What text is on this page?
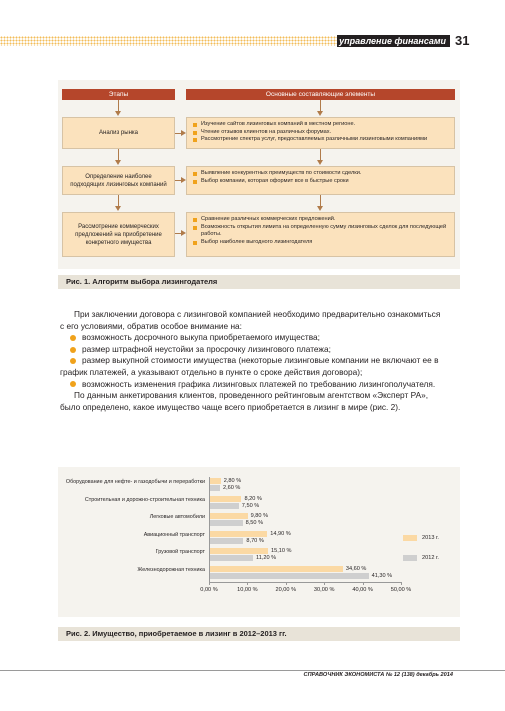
управление финансами 31
Рис. 1. Алгоритм выбора лизингодателя
Этапы	Основные составляющие элементы
Анализ рынка
Изучение сайтов лизинговых компаний в местном регионе.
Чтение отзывов клиентов на различных форумах.
Рассмотрение спектра услуг, предоставляемых различными лизинговыми компаниями
Определение наиболее подходящих лизинговых компаний
Выявление конкурентных преимуществ по стоимости сделки.
Выбор компании, которая оформит все в быстрые сроки
Рассмотрение коммерческих предложений на приобретение конкретного имущества
Сравнение различных коммерческих предложений.
Возможность открытия лимита на определенную сумму лизинговых сделок для последующей работы.
Выбор наиболее выгодного лизингодателя

При заключении договора с лизинговой компанией необходимо предварительно ознакомиться с его условиями, обратив особое внимание на:

возможность досрочного выкупа приобретаемого имущества;

размер штрафной неустойки за просрочку лизингового платежа;

размер выкупной стоимости имущества (некоторые лизинговые компании не включают ее в график платежей, а указывают отдельно в пункте о сроке действия договора);

возможность изменения графика лизинговых платежей по требованию лизингополучателя.

По данным анкетирования клиентов, проведенного рейтинговым агентством «Эксперт РА», было определено, какое имущество чаще всего приобретается в лизинг в мире (рис. 2).

Рис. 2. Имущество, приобретаемое в лизинг в 2012–2013 гг.
Оборудование для нефте- и газодобычи и переработки	2,80 %
2,60 %
Строительная и дорожно-строительная техника	8,20 %
7,50 %
Легковые автомобили	9,80 %
8,50 %
Авиационный транспорт	14,90 %
8,70 %
Грузовой транспорт	15,10 %
11,20 %
Железнодорожная техника	34,60 %
41,30 %
0,00 %	10,00 %	20,00 %	30,00 %	40,00 %	50,00 %
2013 г.
2012 г.
СПРАВОЧНИК ЭКОНОМИСТА № 12 (138) декабрь 2014
